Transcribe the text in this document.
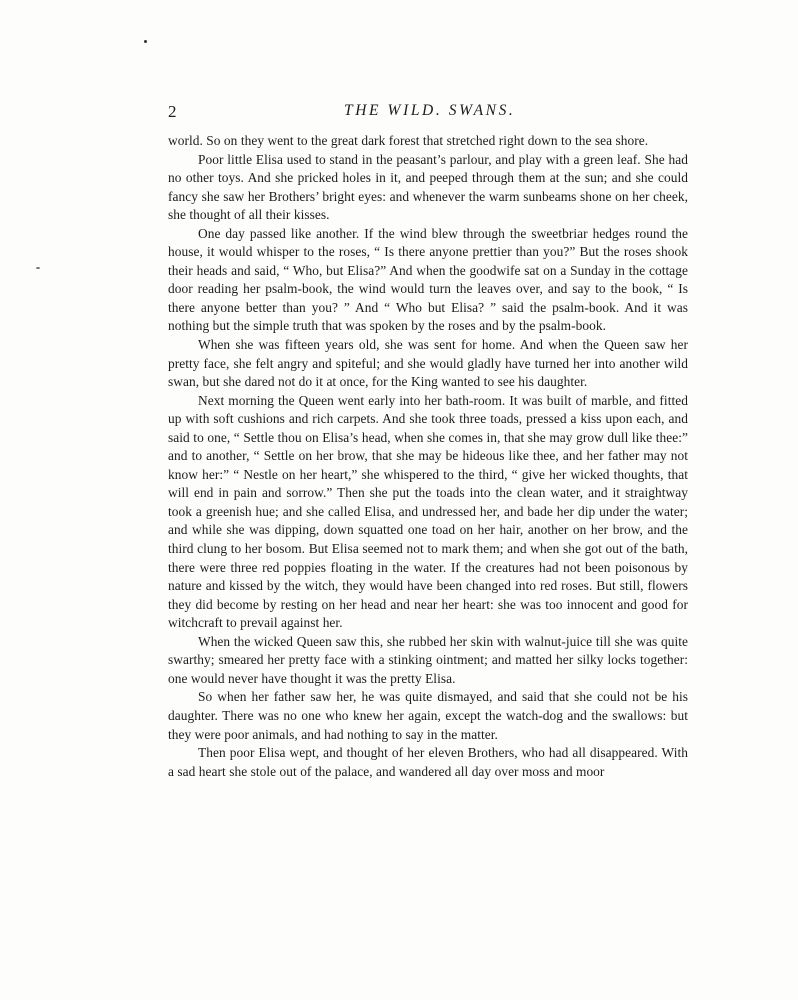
2	THE WILD. SWANS.

world. So on they went to the great dark forest that stretched right down to the sea shore.

Poor little Elisa used to stand in the peasant’s parlour, and play with a green leaf. She had no other toys. And she pricked holes in it, and peeped through them at the sun; and she could fancy she saw her Brothers’ bright eyes: and whenever the warm sunbeams shone on her cheek, she thought of all their kisses.

One day passed like another. If the wind blew through the sweetbriar hedges round the house, it would whisper to the roses, “ Is there anyone prettier than you?” But the roses shook their heads and said, “ Who, but Elisa?” And when the goodwife sat on a Sunday in the cottage door reading her psalm-book, the wind would turn the leaves over, and say to the book, “ Is there anyone better than you? ” And “ Who but Elisa? ” said the psalm-book. And it was nothing but the simple truth that was spoken by the roses and by the psalm-book.

When she was fifteen years old, she was sent for home. And when the Queen saw her pretty face, she felt angry and spiteful; and she would gladly have turned her into another wild swan, but she dared not do it at once, for the King wanted to see his daughter.

Next morning the Queen went early into her bath-room. It was built of marble, and fitted up with soft cushions and rich carpets. And she took three toads, pressed a kiss upon each, and said to one, “ Settle thou on Elisa’s head, when she comes in, that she may grow dull like thee:” and to another, “ Settle on her brow, that she may be hideous like thee, and her father may not know her:” “ Nestle on her heart,” she whispered to the third, “ give her wicked thoughts, that will end in pain and sorrow.” Then she put the toads into the clean water, and it straightway took a greenish hue; and she called Elisa, and undressed her, and bade her dip under the water; and while she was dipping, down squatted one toad on her hair, another on her brow, and the third clung to her bosom. But Elisa seemed not to mark them; and when she got out of the bath, there were three red poppies floating in the water. If the creatures had not been poisonous by nature and kissed by the witch, they would have been changed into red roses. But still, flowers they did become by resting on her head and near her heart: she was too innocent and good for witchcraft to prevail against her.

When the wicked Queen saw this, she rubbed her skin with walnut-juice till she was quite swarthy; smeared her pretty face with a stinking ointment; and matted her silky locks together: one would never have thought it was the pretty Elisa.

So when her father saw her, he was quite dismayed, and said that she could not be his daughter. There was no one who knew her again, except the watch-dog and the swallows: but they were poor animals, and had nothing to say in the matter.

Then poor Elisa wept, and thought of her eleven Brothers, who had all disappeared. With a sad heart she stole out of the palace, and wandered all day over moss and moor
